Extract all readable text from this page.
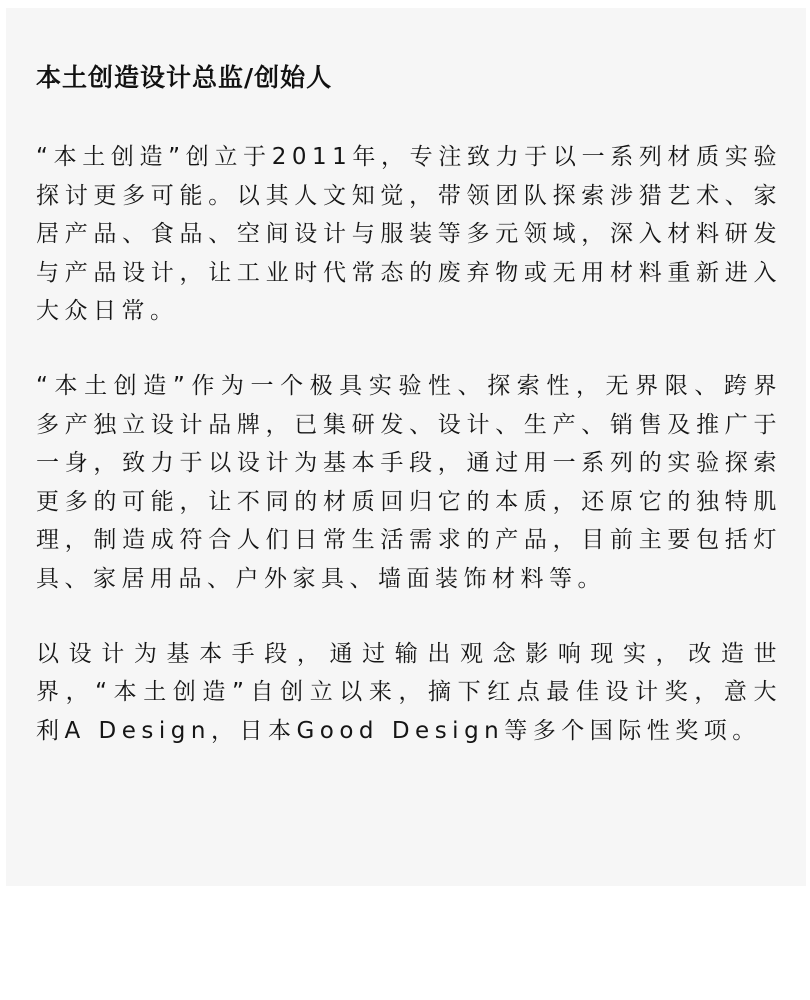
本土创造设计总监/创始人

“本土创造”创立于2011年，专注致力于以一系列材质实验探讨更多可能。以其人文知觉，带领团队探索涉猎艺术、家居产品、食品、空间设计与服装等多元领域，深入材料研发与产品设计，让工业时代常态的废弃物或无用材料重新进入大众日常。

“本土创造”作为一个极具实验性、探索性，无界限、跨界多产独立设计品牌，已集研发、设计、生产、销售及推广于一身，致力于以设计为基本手段，通过用一系列的实验探索更多的可能，让不同的材质回归它的本质，还原它的独特肌理，制造成符合人们日常生活需求的产品，目前主要包括灯具、家居用品、户外家具、墙面装饰材料等。

以设计为基本手段，通过输出观念影响现实，改造世界，“本土创造”自创立以来，摘下红点最佳设计奖，意大利A Design，日本Good Design等多个国际性奖项。
